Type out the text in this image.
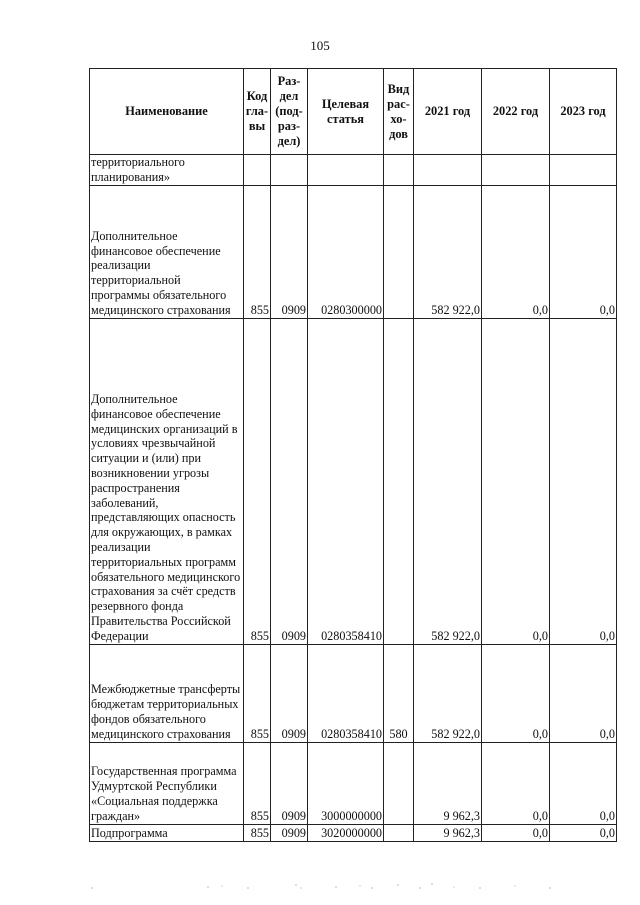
105
Наименование	Код гла- вы	Раз- дел (под- раз- дел)	Целевая статья	Вид рас- хо- дов	2021 год	2022 год	2023 год
территориального планирования»							
Дополнительное финансовое обеспечение реализации территориальной программы обязательного медицинского страхования	855	0909	0280300000		582 922,0	0,0	0,0
Дополнительное финансовое обеспечение медицинских организаций в условиях чрезвычайной ситуации и (или) при возникновении угрозы распространения заболеваний, представляющих опасность для окружающих, в рамках реализации территориальных программ обязательного медицинского страхования за счёт средств резервного фонда Правительства Российской Федерации	855	0909	0280358410		582 922,0	0,0	0,0
Межбюджетные трансферты бюджетам территориальных фондов обязательного медицинского страхования	855	0909	0280358410	580	582 922,0	0,0	0,0
Государственная программа Удмуртской Республики «Социальная поддержка граждан»	855	0909	3000000000		9 962,3	0,0	0,0
Подпрограмма	855	0909	3020000000		9 962,3	0,0	0,0
